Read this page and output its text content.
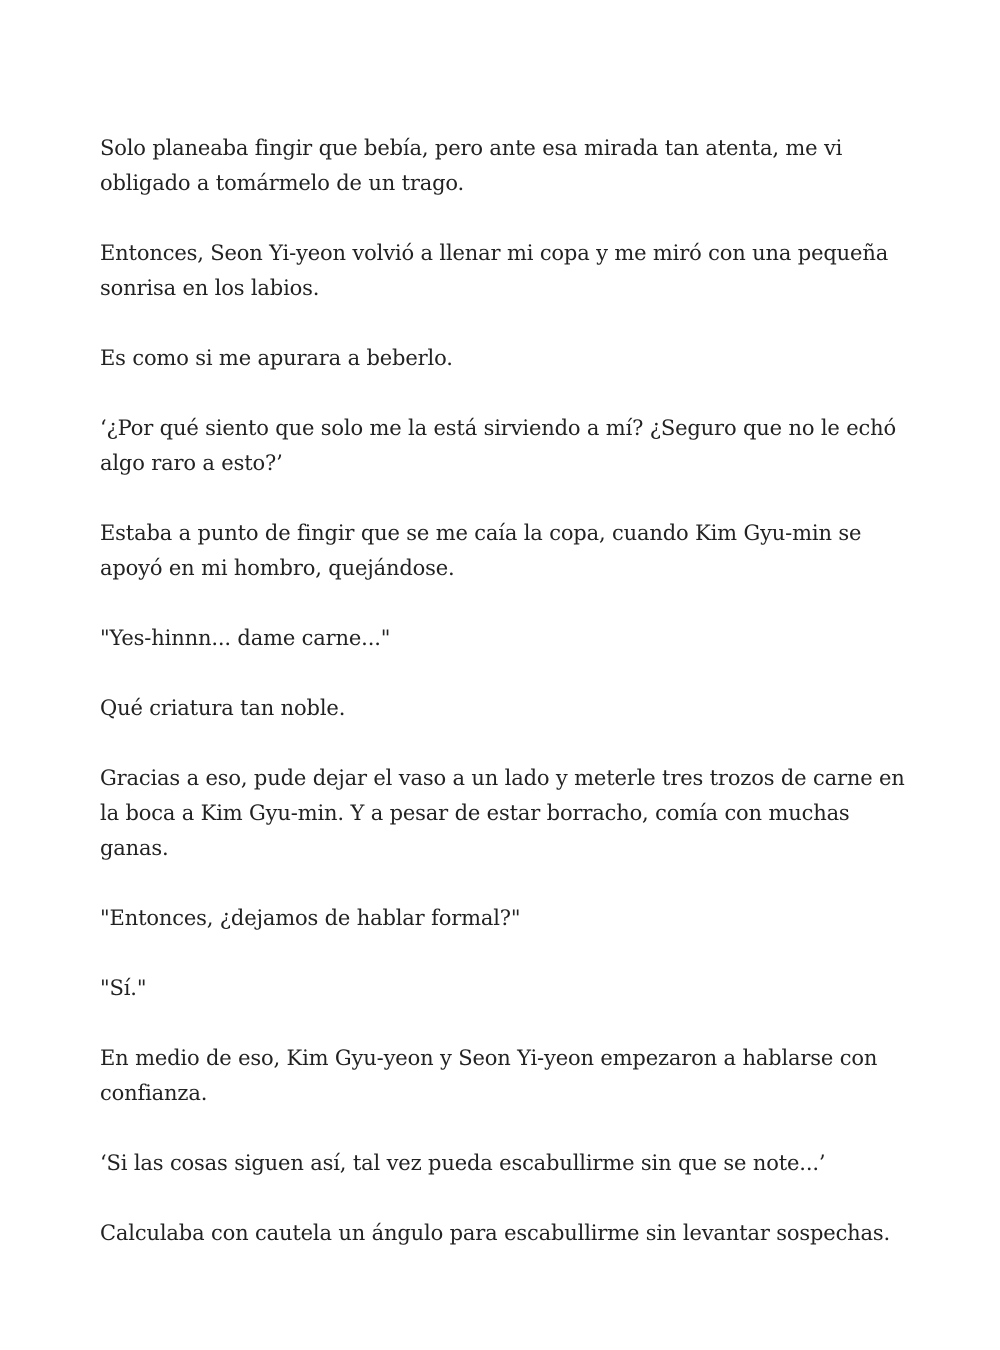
Solo planeaba fingir que bebía, pero ante esa mirada tan atenta, me vi obligado a tomármelo de un trago.

Entonces, Seon Yi-yeon volvió a llenar mi copa y me miró con una pequeña sonrisa en los labios.

Es como si me apurara a beberlo.

‘¿Por qué siento que solo me la está sirviendo a mí? ¿Seguro que no le echó algo raro a esto?’

Estaba a punto de fingir que se me caía la copa, cuando Kim Gyu-min se apoyó en mi hombro, quejándose.

"Yes-hinnn... dame carne..."

Qué criatura tan noble.

Gracias a eso, pude dejar el vaso a un lado y meterle tres trozos de carne en la boca a Kim Gyu-min. Y a pesar de estar borracho, comía con muchas ganas.

"Entonces, ¿dejamos de hablar formal?"

"Sí."

En medio de eso, Kim Gyu-yeon y Seon Yi-yeon empezaron a hablarse con confianza.

‘Si las cosas siguen así, tal vez pueda escabullirme sin que se note...’

Calculaba con cautela un ángulo para escabullirme sin levantar sospechas.
